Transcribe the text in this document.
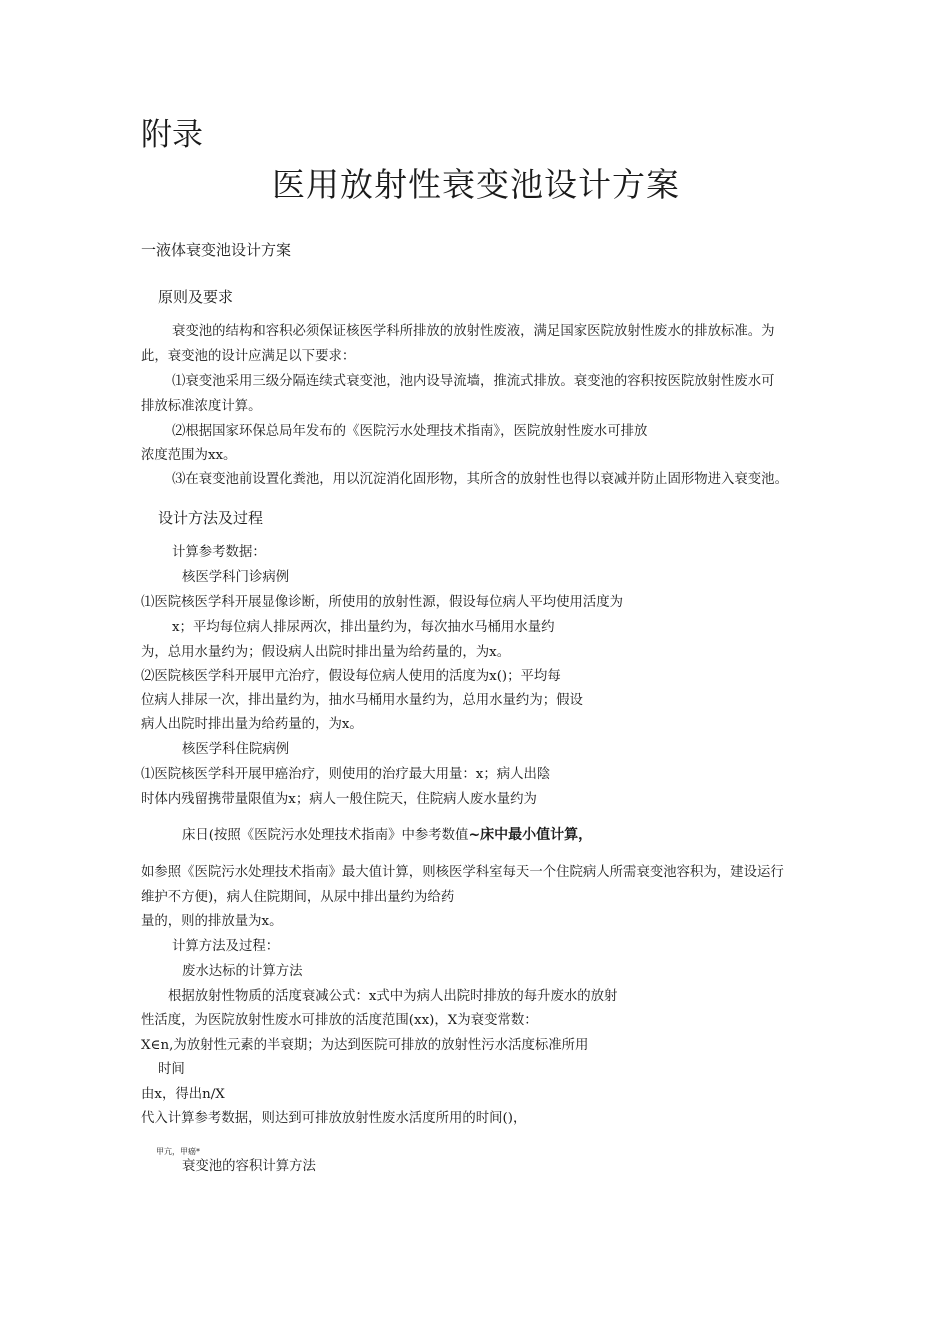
附录
医用放射性衰变池设计方案
一液体衰变池设计方案
原则及要求
衰变池的结构和容积必须保证核医学科所排放的放射性废液，满足国家医院放射性废水的排放标准。为
此，衰变池的设计应满足以下要求：
⑴衰变池采用三级分隔连续式衰变池，池内设导流墙，推流式排放。衰变池的容积按医院放射性废水可
排放标准浓度计算。
⑵根据国家环保总局年发布的《医院污水处理技术指南》，医院放射性废水可排放
浓度范围为xx。
⑶在衰变池前设置化粪池，用以沉淀消化固形物，其所含的放射性也得以衰减并防止固形物进入衰变池。
设计方法及过程
计算参考数据：
核医学科门诊病例
⑴医院核医学科开展显像诊断，所使用的放射性源，假设每位病人平均使用活度为
x；平均每位病人排尿两次，排出量约为，每次抽水马桶用水量约
为，总用水量约为；假设病人出院时排出量为给药量的，为x。
⑵医院核医学科开展甲亢治疗，假设每位病人使用的活度为x()；平均每
位病人排尿一次，排出量约为，抽水马桶用水量约为，总用水量约为；假设
病人出院时排出量为给药量的，为x。
核医学科住院病例
⑴医院核医学科开展甲癌治疗，则使用的治疗最大用量：x；病人出陰
时体内残留携带量限值为x；病人一般住院天，住院病人废水量约为
床日(按照《医院污水处理技术指南》中参考数值~床中最小值计算，
如参照《医院污水处理技术指南》最大值计算，则核医学科室每天一个住院病人所需衰变池容积为，建设运行
维护不方便)，病人住院期间，从尿中排出量约为给药
量的，则的排放量为x。
计算方法及过程：
废水达标的计算方法
根据放射性物质的活度衰减公式：x式中为病人出院时排放的每升废水的放射
性活度，为医院放射性废水可排放的活度范围(xx)，X为衰变常数：
X∈n,为放射性元素的半衰期；为达到医院可排放的放射性污水活度标准所用
时间
由x，得出n/X
代入计算参考数据，则达到可排放放射性废水活度所用的时间()，
甲亢，甲癌*
衰变池的容积计算方法
